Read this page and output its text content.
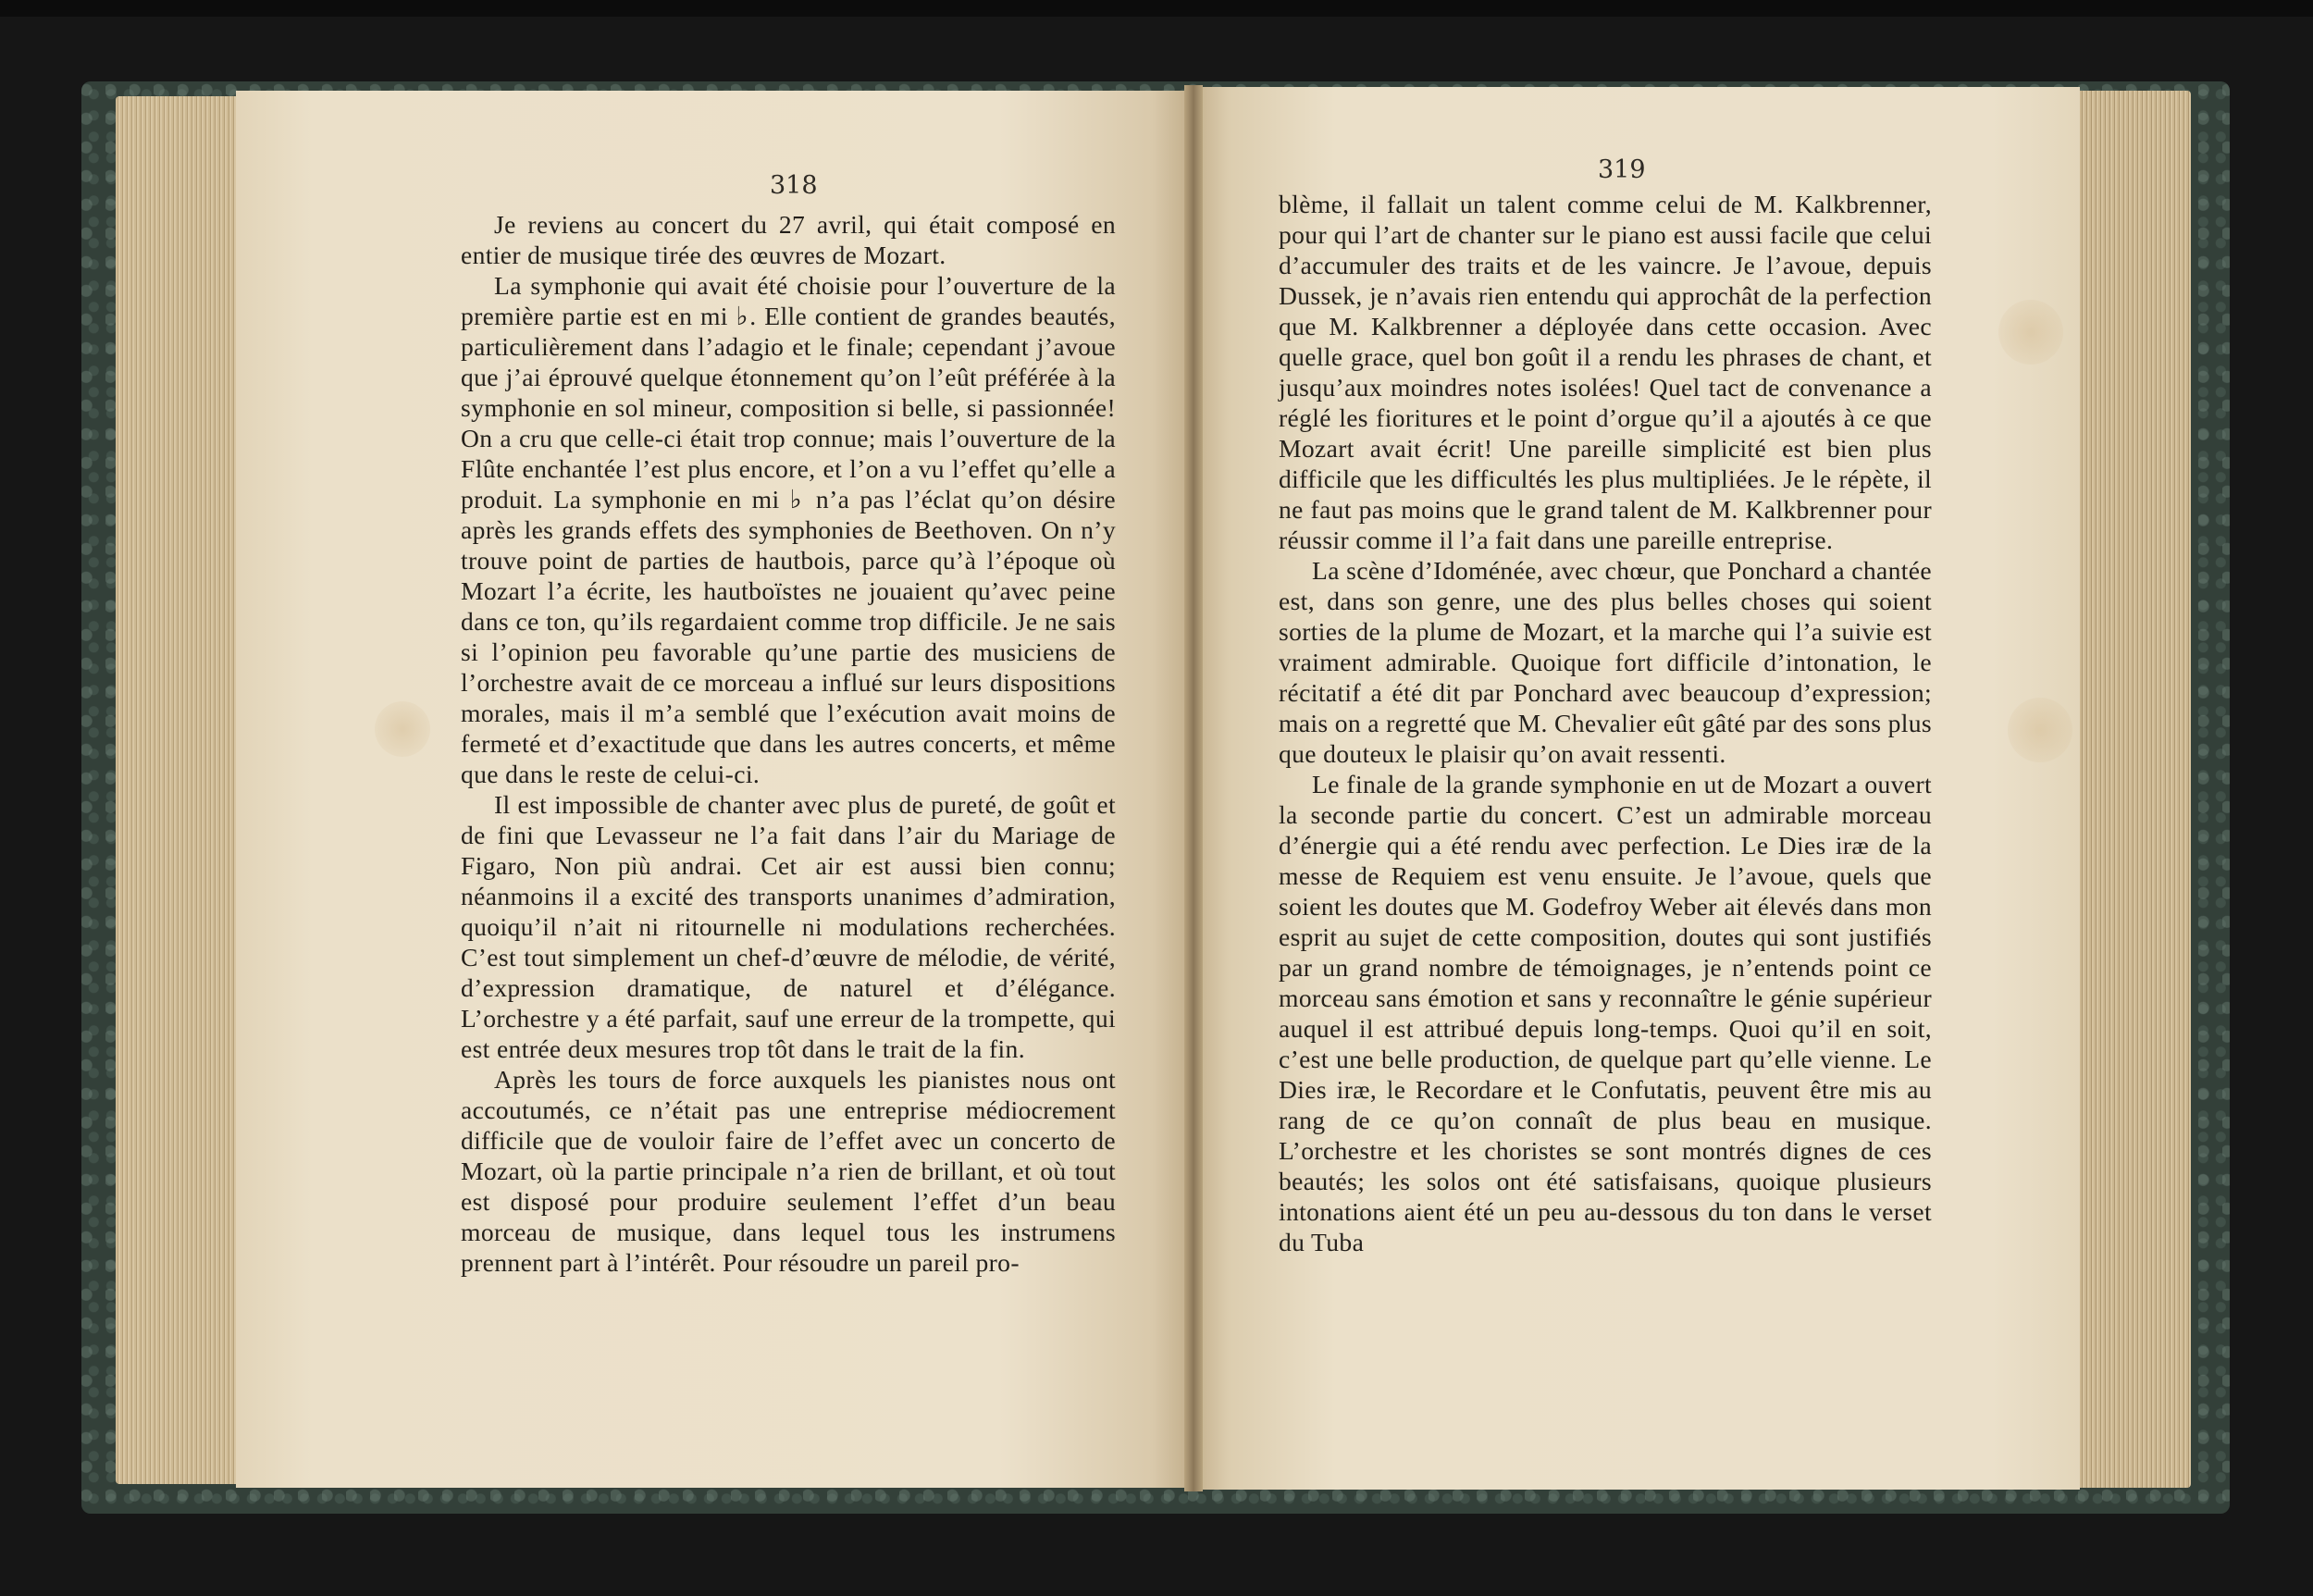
318

319

Je reviens au concert du 27 avril, qui était composé en entier de musique tirée des œuvres de Mozart.

La symphonie qui avait été choisie pour l’ouverture de la première partie est en mi ♭. Elle contient de grandes beautés, particulièrement dans l’adagio et le finale; cependant j’avoue que j’ai éprouvé quelque étonnement qu’on l’eût préférée à la symphonie en sol mineur, composition si belle, si passionnée! On a cru que celle-ci était trop connue; mais l’ouverture de la Flûte enchantée l’est plus encore, et l’on a vu l’effet qu’elle a produit. La symphonie en mi ♭ n’a pas l’éclat qu’on désire après les grands effets des symphonies de Beethoven. On n’y trouve point de parties de hautbois, parce qu’à l’époque où Mozart l’a écrite, les hautboïstes ne jouaient qu’avec peine dans ce ton, qu’ils regardaient comme trop difficile. Je ne sais si l’opinion peu favorable qu’une partie des musiciens de l’orchestre avait de ce morceau a influé sur leurs dispositions morales, mais il m’a semblé que l’exécution avait moins de fermeté et d’exactitude que dans les autres concerts, et même que dans le reste de celui-ci.

Il est impossible de chanter avec plus de pureté, de goût et de fini que Levasseur ne l’a fait dans l’air du Mariage de Figaro, Non più andrai. Cet air est aussi bien connu; néanmoins il a excité des transports unanimes d’admiration, quoiqu’il n’ait ni ritournelle ni modulations recherchées. C’est tout simplement un chef-d’œuvre de mélodie, de vérité, d’expression dramatique, de naturel et d’élégance. L’orchestre y a été parfait, sauf une erreur de la trompette, qui est entrée deux mesures trop tôt dans le trait de la fin.

Après les tours de force auxquels les pianistes nous ont accoutumés, ce n’était pas une entreprise médiocrement difficile que de vouloir faire de l’effet avec un concerto de Mozart, où la partie principale n’a rien de brillant, et où tout est disposé pour produire seulement l’effet d’un beau morceau de musique, dans lequel tous les instrumens prennent part à l’intérêt. Pour résoudre un pareil pro-

blème, il fallait un talent comme celui de M. Kalkbrenner, pour qui l’art de chanter sur le piano est aussi facile que celui d’accumuler des traits et de les vaincre. Je l’avoue, depuis Dussek, je n’avais rien entendu qui approchât de la perfection que M. Kalkbrenner a déployée dans cette occasion. Avec quelle grace, quel bon goût il a rendu les phrases de chant, et jusqu’aux moindres notes isolées! Quel tact de convenance a réglé les fioritures et le point d’orgue qu’il a ajoutés à ce que Mozart avait écrit! Une pareille simplicité est bien plus difficile que les difficultés les plus multipliées. Je le répète, il ne faut pas moins que le grand talent de M. Kalkbrenner pour réussir comme il l’a fait dans une pareille entreprise.

La scène d’Idoménée, avec chœur, que Ponchard a chantée est, dans son genre, une des plus belles choses qui soient sorties de la plume de Mozart, et la marche qui l’a suivie est vraiment admirable. Quoique fort difficile d’intonation, le récitatif a été dit par Ponchard avec beaucoup d’expression; mais on a regretté que M. Chevalier eût gâté par des sons plus que douteux le plaisir qu’on avait ressenti.

Le finale de la grande symphonie en ut de Mozart a ouvert la seconde partie du concert. C’est un admirable morceau d’énergie qui a été rendu avec perfection. Le Dies iræ de la messe de Requiem est venu ensuite. Je l’avoue, quels que soient les doutes que M. Godefroy Weber ait élevés dans mon esprit au sujet de cette composition, doutes qui sont justifiés par un grand nombre de témoignages, je n’entends point ce morceau sans émotion et sans y reconnaître le génie supérieur auquel il est attribué depuis long-temps. Quoi qu’il en soit, c’est une belle production, de quelque part qu’elle vienne. Le Dies iræ, le Recordare et le Confutatis, peuvent être mis au rang de ce qu’on connaît de plus beau en musique. L’orchestre et les choristes se sont montrés dignes de ces beautés; les solos ont été satisfaisans, quoique plusieurs intonations aient été un peu au-dessous du ton dans le verset du Tuba
